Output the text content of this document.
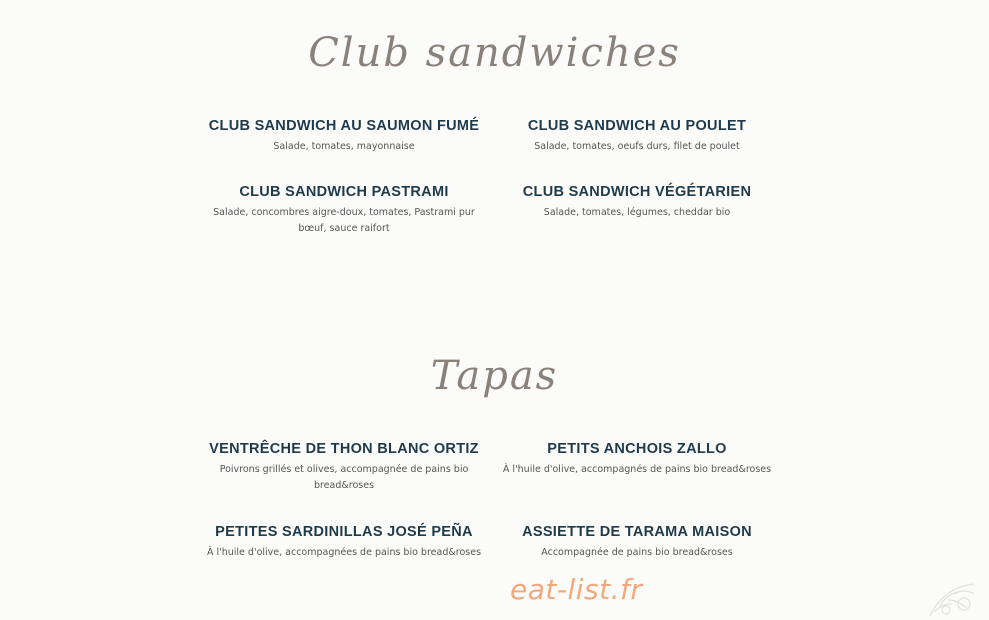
Club sandwiches
CLUB SANDWICH AU SAUMON FUMÉ
Salade, tomates, mayonnaise
CLUB SANDWICH AU POULET
Salade, tomates, oeufs durs, filet de poulet
CLUB SANDWICH PASTRAMI
Salade, concombres aigre-doux, tomates, Pastrami pur bœuf, sauce raifort
CLUB SANDWICH VÉGÉTARIEN
Salade, tomates, légumes, cheddar bio
Tapas
VENTRÊCHE DE THON BLANC ORTIZ
Poivrons grillés et olives, accompagnée de pains bio bread&roses
PETITS ANCHOIS ZALLO
À l'huile d'olive, accompagnés de pains bio bread&roses
PETITES SARDINILLAS JOSÉ PEÑA
À l'huile d'olive, accompagnées de pains bio bread&roses
ASSIETTE DE TARAMA MAISON
Accompagnée de pains bio bread&roses
eat-list.fr
